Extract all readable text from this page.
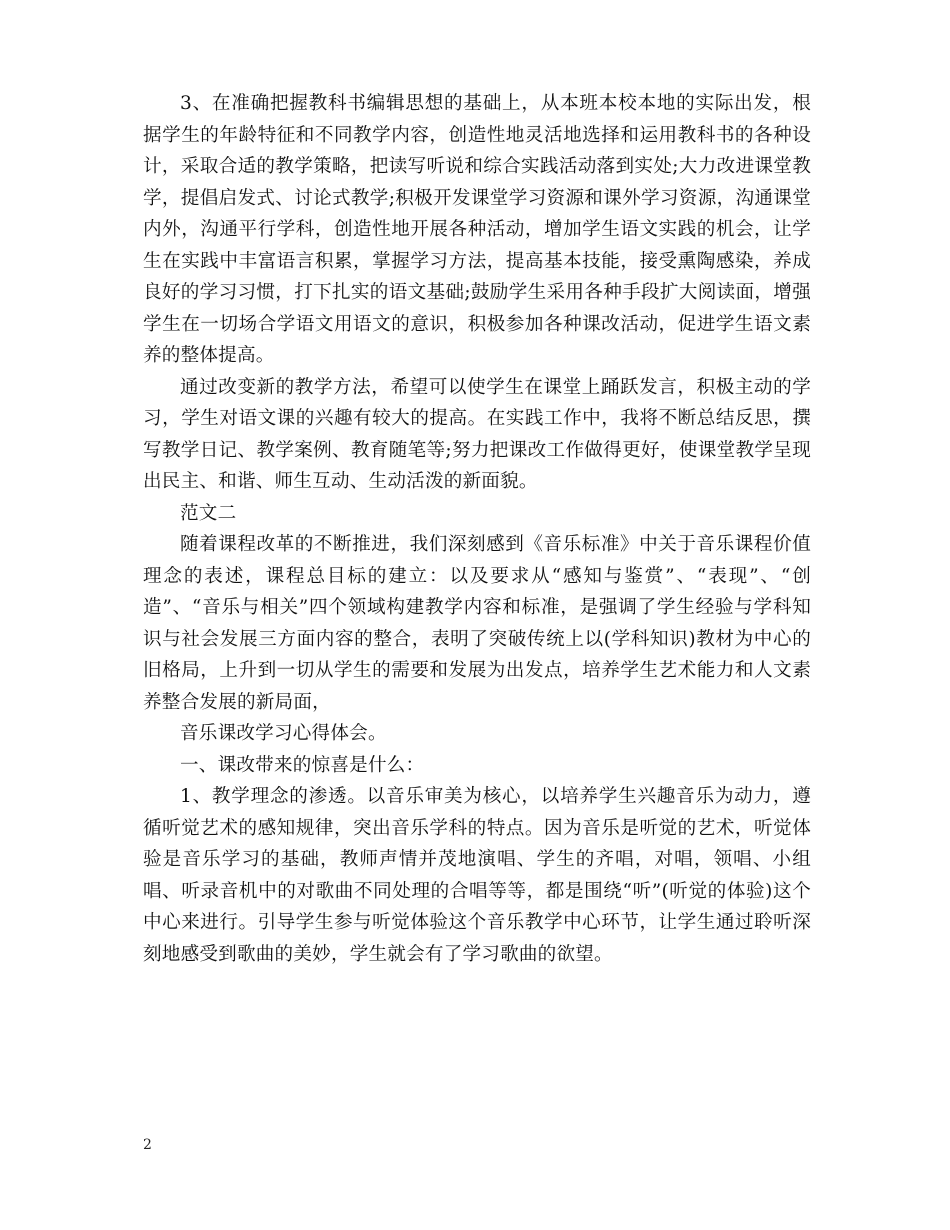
3、在准确把握教科书编辑思想的基础上，从本班本校本地的实际出发，根据学生的年龄特征和不同教学内容，创造性地灵活地选择和运用教科书的各种设计，采取合适的教学策略，把读写听说和综合实践活动落到实处;大力改进课堂教学，提倡启发式、讨论式教学;积极开发课堂学习资源和课外学习资源，沟通课堂内外，沟通平行学科，创造性地开展各种活动，增加学生语文实践的机会，让学生在实践中丰富语言积累，掌握学习方法，提高基本技能，接受熏陶感染，养成良好的学习习惯，打下扎实的语文基础;鼓励学生采用各种手段扩大阅读面，增强学生在一切场合学语文用语文的意识，积极参加各种课改活动，促进学生语文素养的整体提高。

通过改变新的教学方法，希望可以使学生在课堂上踊跃发言，积极主动的学习，学生对语文课的兴趣有较大的提高。在实践工作中，我将不断总结反思，撰写教学日记、教学案例、教育随笔等;努力把课改工作做得更好，使课堂教学呈现出民主、和谐、师生互动、生动活泼的新面貌。

范文二

随着课程改革的不断推进，我们深刻感到《音乐标准》中关于音乐课程价值理念的表述，课程总目标的建立：以及要求从“感知与鉴赏”、“表现”、“创造”、“音乐与相关”四个领域构建教学内容和标准，是强调了学生经验与学科知识与社会发展三方面内容的整合，表明了突破传统上以(学科知识)教材为中心的旧格局，上升到一切从学生的需要和发展为出发点，培养学生艺术能力和人文素养整合发展的新局面，

音乐课改学习心得体会。

一、课改带来的惊喜是什么：

1、教学理念的渗透。以音乐审美为核心，以培养学生兴趣音乐为动力，遵循听觉艺术的感知规律，突出音乐学科的特点。因为音乐是听觉的艺术，听觉体验是音乐学习的基础，教师声情并茂地演唱、学生的齐唱，对唱，领唱、小组唱、听录音机中的对歌曲不同处理的合唱等等，都是围绕“听”(听觉的体验)这个中心来进行。引导学生参与听觉体验这个音乐教学中心环节，让学生通过聆听深刻地感受到歌曲的美妙，学生就会有了学习歌曲的欲望。

2
